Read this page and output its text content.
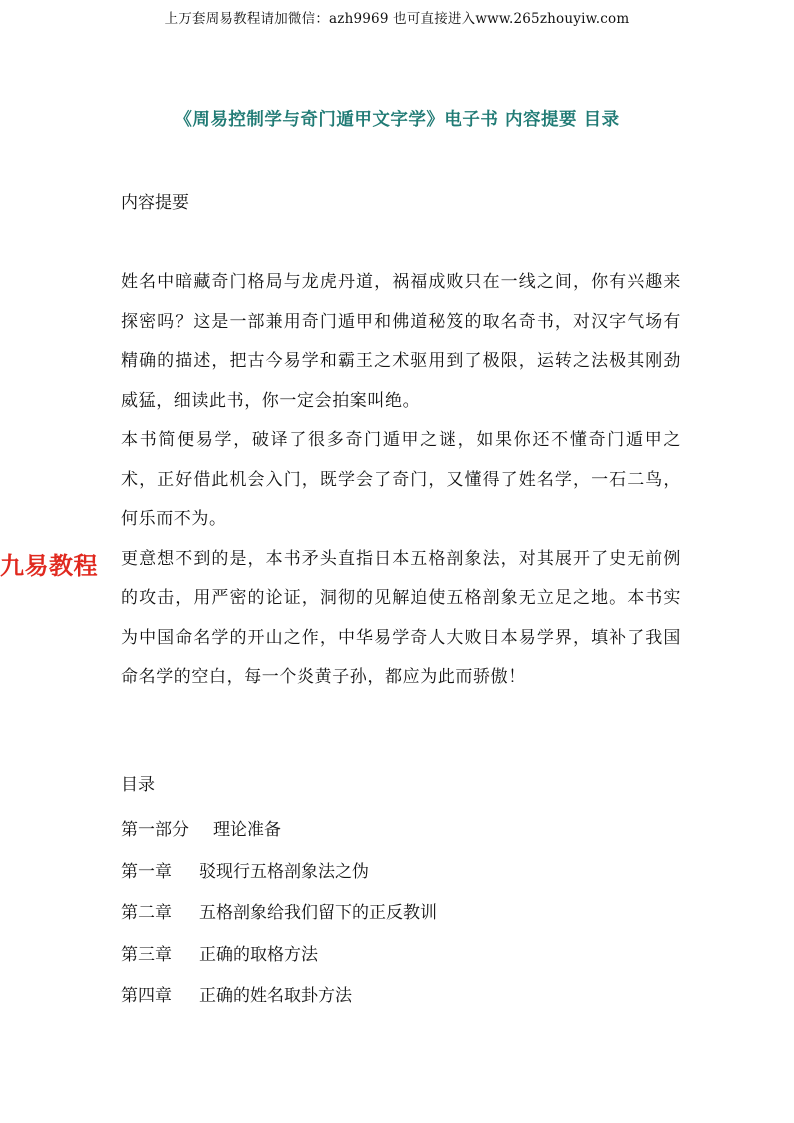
上万套周易教程请加微信：azh9969 也可直接进入www.265zhouyiw.com
《周易控制学与奇门遁甲文字学》电子书 内容提要 目录
内容提要

姓名中暗藏奇门格局与龙虎丹道，祸福成败只在一线之间，你有兴趣来探密吗？这是一部兼用奇门遁甲和佛道秘笈的取名奇书，对汉字气场有精确的描述，把古今易学和霸王之术驱用到了极限，运转之法极其刚劲威猛，细读此书，你一定会拍案叫绝。

本书简便易学，破译了很多奇门遁甲之谜，如果你还不懂奇门遁甲之术，正好借此机会入门，既学会了奇门，又懂得了姓名学，一石二鸟，何乐而不为。

更意想不到的是，本书矛头直指日本五格剖象法，对其展开了史无前例的攻击，用严密的论证，洞彻的见解迫使五格剖象无立足之地。本书实为中国命名学的开山之作，中华易学奇人大败日本易学界，填补了我国命名学的空白，每一个炎黄子孙，都应为此而骄傲！

九易教程
目录
第一部分 理论准备
第一章 驳现行五格剖象法之伪
第二章 五格剖象给我们留下的正反教训
第三章 正确的取格方法
第四章 正确的姓名取卦方法
